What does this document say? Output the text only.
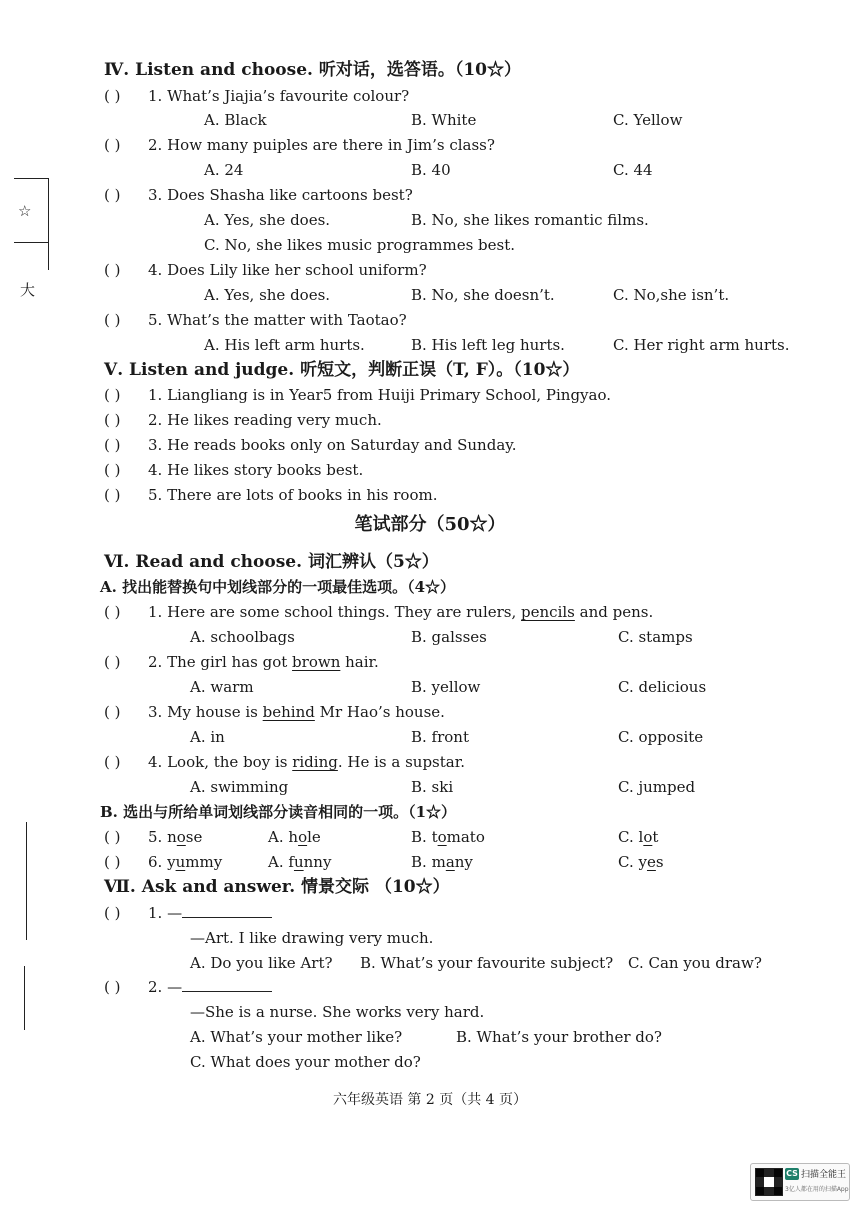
☆
大
Ⅳ. Listen and choose. 听对话，选答语。（10☆）
( ) 1. What’s Jiajia’s favourite colour?
A. Black	B. White	C. Yellow
( ) 2. How many puiples are there in Jim’s class?
A. 24	B. 40	C. 44
( ) 3. Does Shasha like cartoons best?
A. Yes, she does.	B. No, she likes romantic films.
C. No, she likes music programmes best.
( ) 4. Does Lily like her school uniform?
A. Yes, she does.	B. No, she doesn’t.	C. No,she isn’t.
( ) 5. What’s the matter with Taotao?
A. His left arm hurts.	B. His left leg hurts.	C. Her right arm hurts.
Ⅴ. Listen and judge. 听短文，判断正误（T, F）。（10☆）
( ) 1. Liangliang is in Year5 from Huiji Primary School, Pingyao.
( ) 2. He likes reading very much.
( ) 3. He reads books only on Saturday and Sunday.
( ) 4. He likes story books best.
( ) 5. There are lots of books in his room.
笔试部分（50☆）
Ⅵ. Read and choose. 词汇辨认（5☆）
A. 找出能替换句中划线部分的一项最佳选项。（4☆）
( ) 1. Here are some school things. They are rulers, pencils and pens.
A. schoolbags	B. galsses	C. stamps
( ) 2. The girl has got brown hair.
A. warm	B. yellow	C. delicious
( ) 3. My house is behind Mr Hao’s house.
A. in	B. front	C. opposite
( ) 4. Look, the boy is riding. He is a supstar.
A. swimming	B. ski	C. jumped
B. 选出与所给单词划线部分读音相同的一项。（1☆）
( ) 5. nose	A. hole	B. tomato	C. lot
( ) 6. yummy	A. funny	B. many	C. yes
Ⅶ. Ask and answer. 情景交际 （10☆）
( ) 1. —
—Art. I like drawing very much.
A. Do you like Art? B. What’s your favourite subject? C. Can you draw?
( ) 2. —
—She is a nurse. She works very hard.
A. What’s your mother like?	B. What’s your brother do?
C. What does your mother do?
六年级英语 第 2 页（共 4 页）
CS 扫描全能王
3亿人都在用的扫描App
